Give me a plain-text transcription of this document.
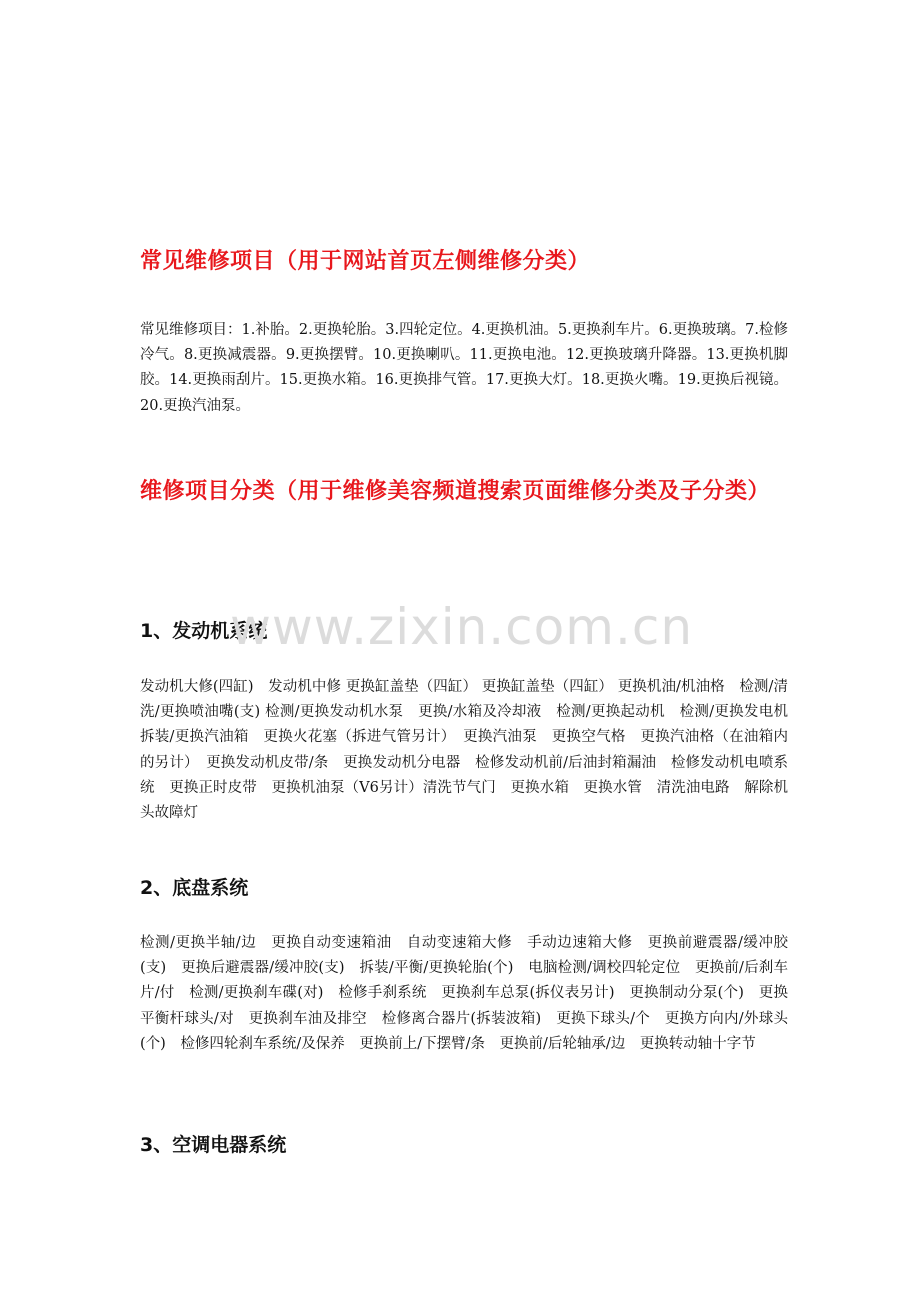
常见维修项目（用于网站首页左侧维修分类）
常见维修项目：1.补胎。2.更换轮胎。3.四轮定位。4.更换机油。5.更换刹车片。6.更换玻璃。7.检修冷气。8.更换减震器。9.更换摆臂。10.更换喇叭。11.更换电池。12.更换玻璃升降器。13.更换机脚胶。14.更换雨刮片。15.更换水箱。16.更换排气管。17.更换大灯。18.更换火嘴。19.更换后视镜。20.更换汽油泵。
维修项目分类（用于维修美容频道搜索页面维修分类及子分类）
1、发动机系统
发动机大修(四缸)　发动机中修 更换缸盖垫（四缸） 更换缸盖垫（四缸） 更换机油/机油格　检测/清洗/更换喷油嘴(支) 检测/更换发动机水泵　更换/水箱及冷却液　检测/更换起动机　检测/更换发电机　拆装/更换汽油箱　更换火花塞（拆进气管另计）　更换汽油泵　更换空气格　更换汽油格（在油箱内的另计）　更换发动机皮带/条　更换发动机分电器　检修发动机前/后油封箱漏油　检修发动机电喷系统　更换正时皮带　更换机油泵（V6另计）清洗节气门　更换水箱　更换水管　清洗油电路　解除机头故障灯
2、底盘系统
检测/更换半轴/边　更换自动变速箱油　自动变速箱大修　手动边速箱大修　更换前避震器/缓冲胶(支)　更换后避震器/缓冲胶(支)　拆装/平衡/更换轮胎(个)　电脑检测/调校四轮定位　更换前/后刹车片/付　检测/更换刹车碟(对)　检修手刹系统　更换刹车总泵(拆仪表另计)　更换制动分泵(个)　更换平衡杆球头/对　更换刹车油及排空　检修离合器片(拆装波箱)　更换下球头/个　更换方向内/外球头(个)　检修四轮刹车系统/及保养　更换前上/下摆臂/条　更换前/后轮轴承/边　更换转动轴十字节
3、空调电器系统
www.zixin.com.cn
